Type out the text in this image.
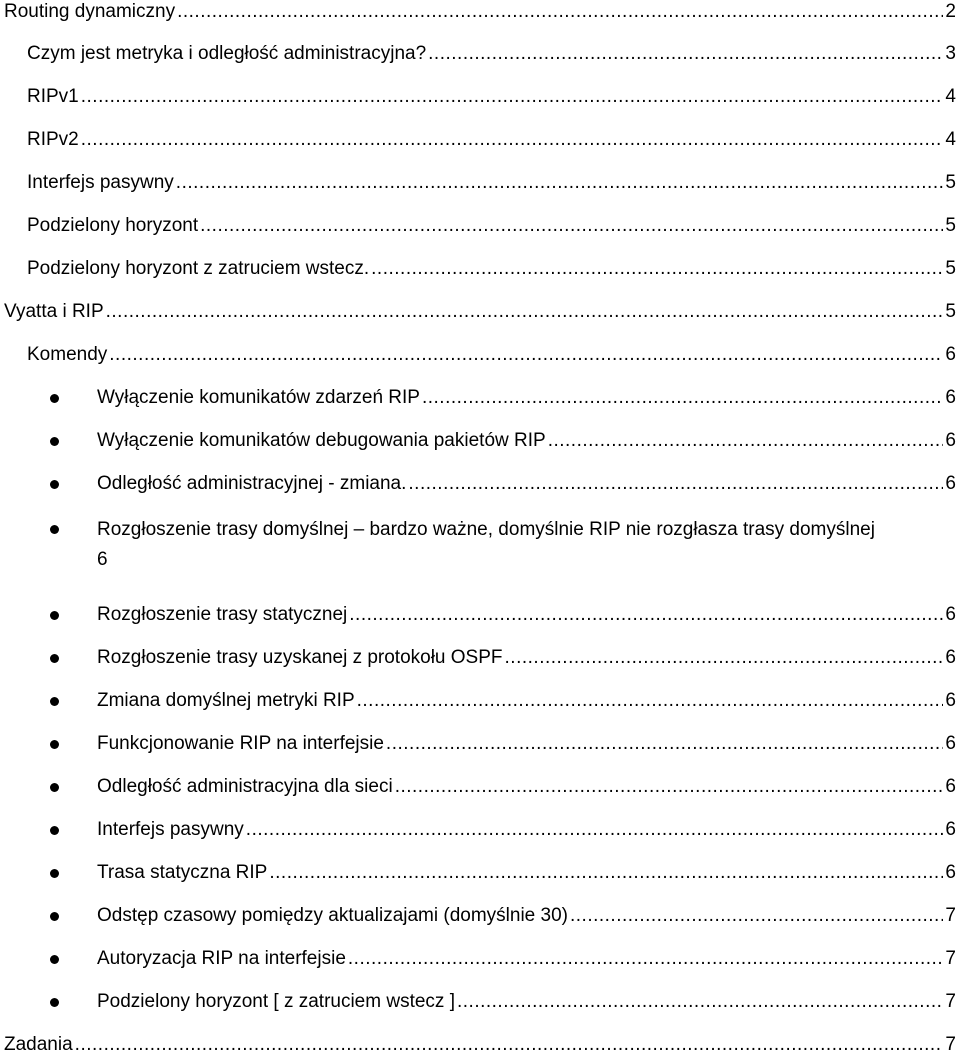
Routing dynamiczny .....	2
Czym jest metryka i odległość administracyjna? .....	3
RIPv1 .....	4
RIPv2 .....	4
Interfejs pasywny .....	5
Podzielony horyzont .....	5
Podzielony horyzont z zatruciem wstecz. .....	5
Vyatta i RIP .....	5
Komendy .....	6
Wyłączenie komunikatów zdarzeń RIP .....	6
Wyłączenie komunikatów debugowania pakietów RIP .....	6
Odległość administracyjnej - zmiana. .....	6
Rozgłoszenie trasy domyślnej – bardzo ważne, domyślnie RIP nie rozgłasza trasy domyślnej
6
Rozgłoszenie trasy statycznej .....	6
Rozgłoszenie trasy uzyskanej z protokołu OSPF .....	6
Zmiana domyślnej metryki RIP .....	6
Funkcjonowanie RIP na interfejsie .....	6
Odległość administracyjna dla sieci .....	6
Interfejs pasywny .....	6
Trasa statyczna RIP .....	6
Odstęp czasowy pomiędzy aktualizajami (domyślnie 30) .....	7
Autoryzacja RIP na interfejsie .....	7
Podzielony horyzont [ z zatruciem wstecz ] .....	7
Zadania .....	7
